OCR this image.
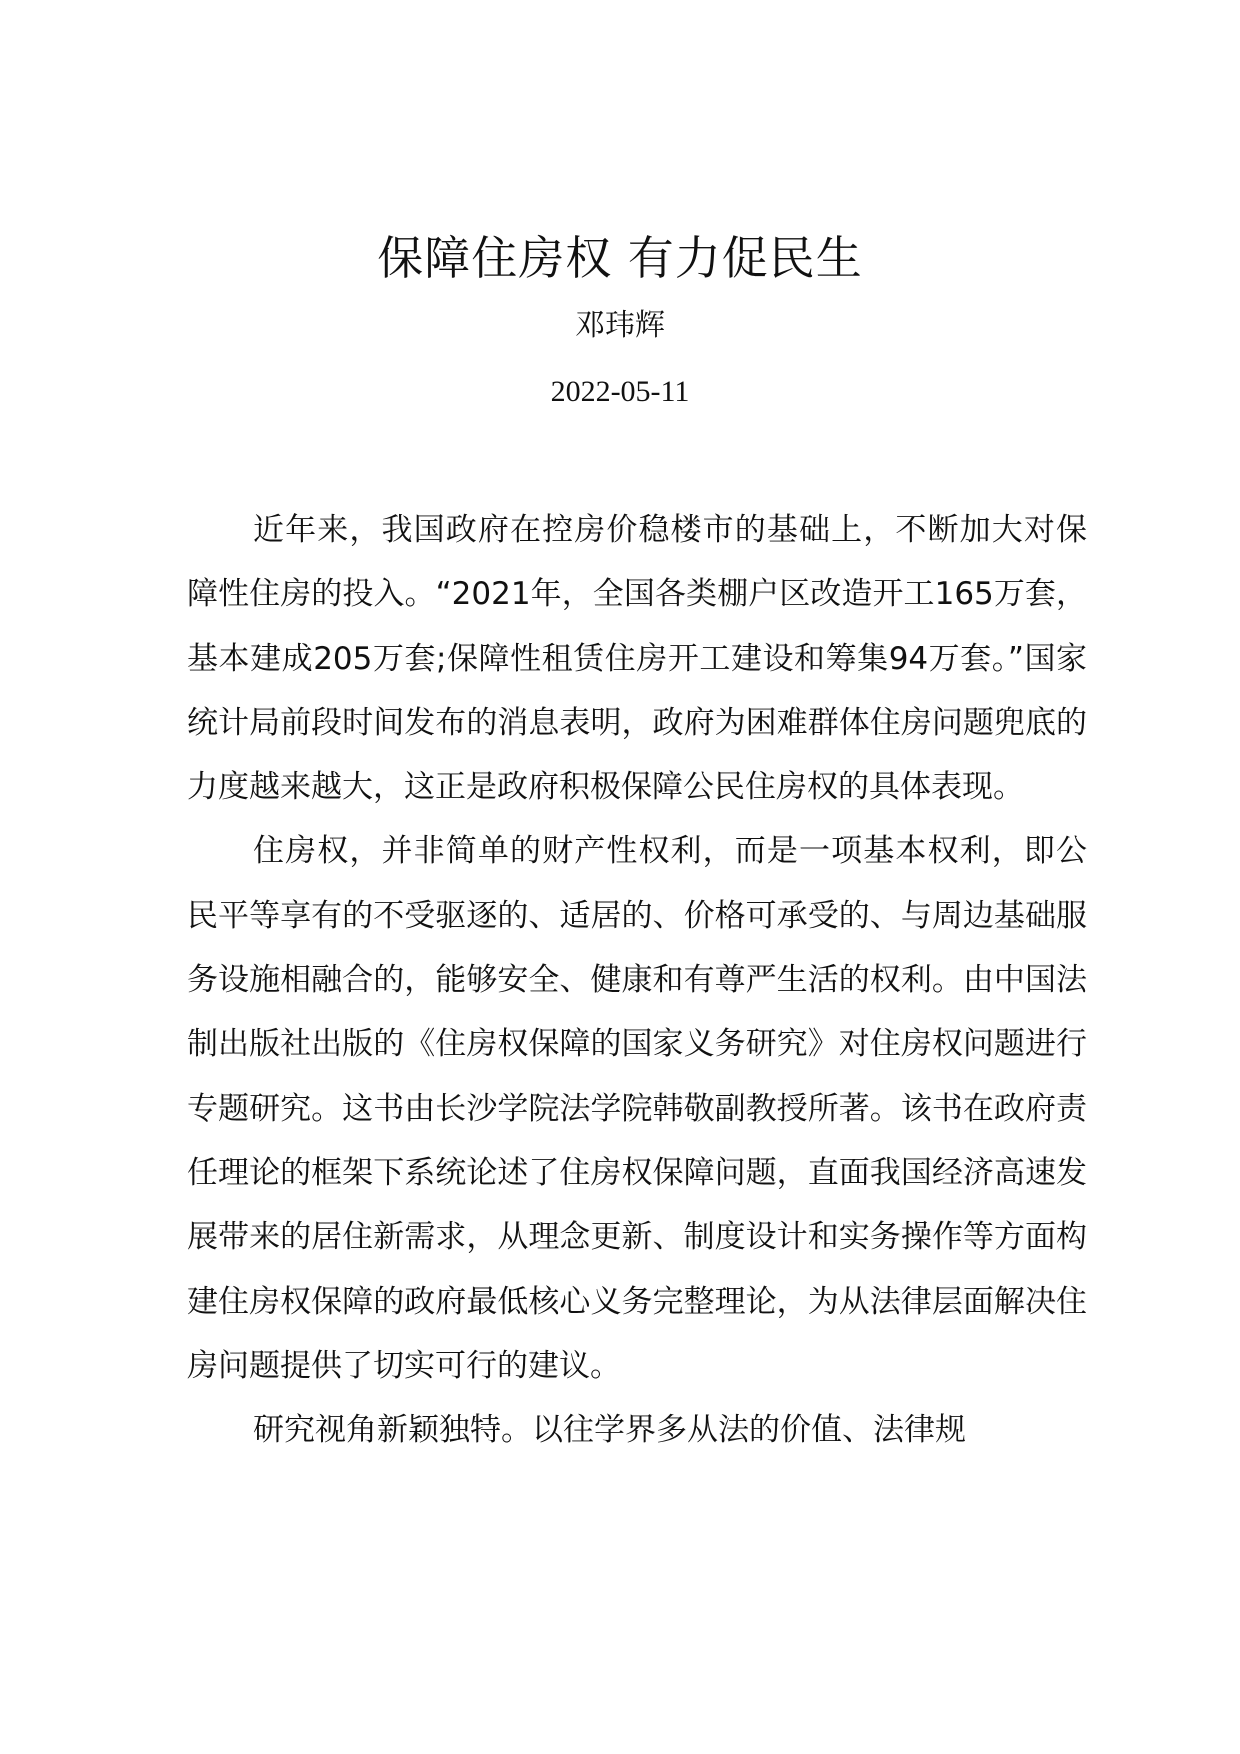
保障住房权 有力促民生
邓玮辉
2022-05-11

近年来，我国政府在控房价稳楼市的基础上，不断加大对保障性住房的投入。“2021年，全国各类棚户区改造开工165万套，基本建成205万套;保障性租赁住房开工建设和筹集94万套。”国家统计局前段时间发布的消息表明，政府为困难群体住房问题兜底的力度越来越大，这正是政府积极保障公民住房权的具体表现。

住房权，并非简单的财产性权利，而是一项基本权利，即公民平等享有的不受驱逐的、适居的、价格可承受的、与周边基础服务设施相融合的，能够安全、健康和有尊严生活的权利。由中国法制出版社出版的《住房权保障的国家义务研究》对住房权问题进行专题研究。这书由长沙学院法学院韩敬副教授所著。该书在政府责任理论的框架下系统论述了住房权保障问题，直面我国经济高速发展带来的居住新需求，从理念更新、制度设计和实务操作等方面构建住房权保障的政府最低核心义务完整理论，为从法律层面解决住房问题提供了切实可行的建议。

研究视角新颖独特。以往学界多从法的价值、法律规
